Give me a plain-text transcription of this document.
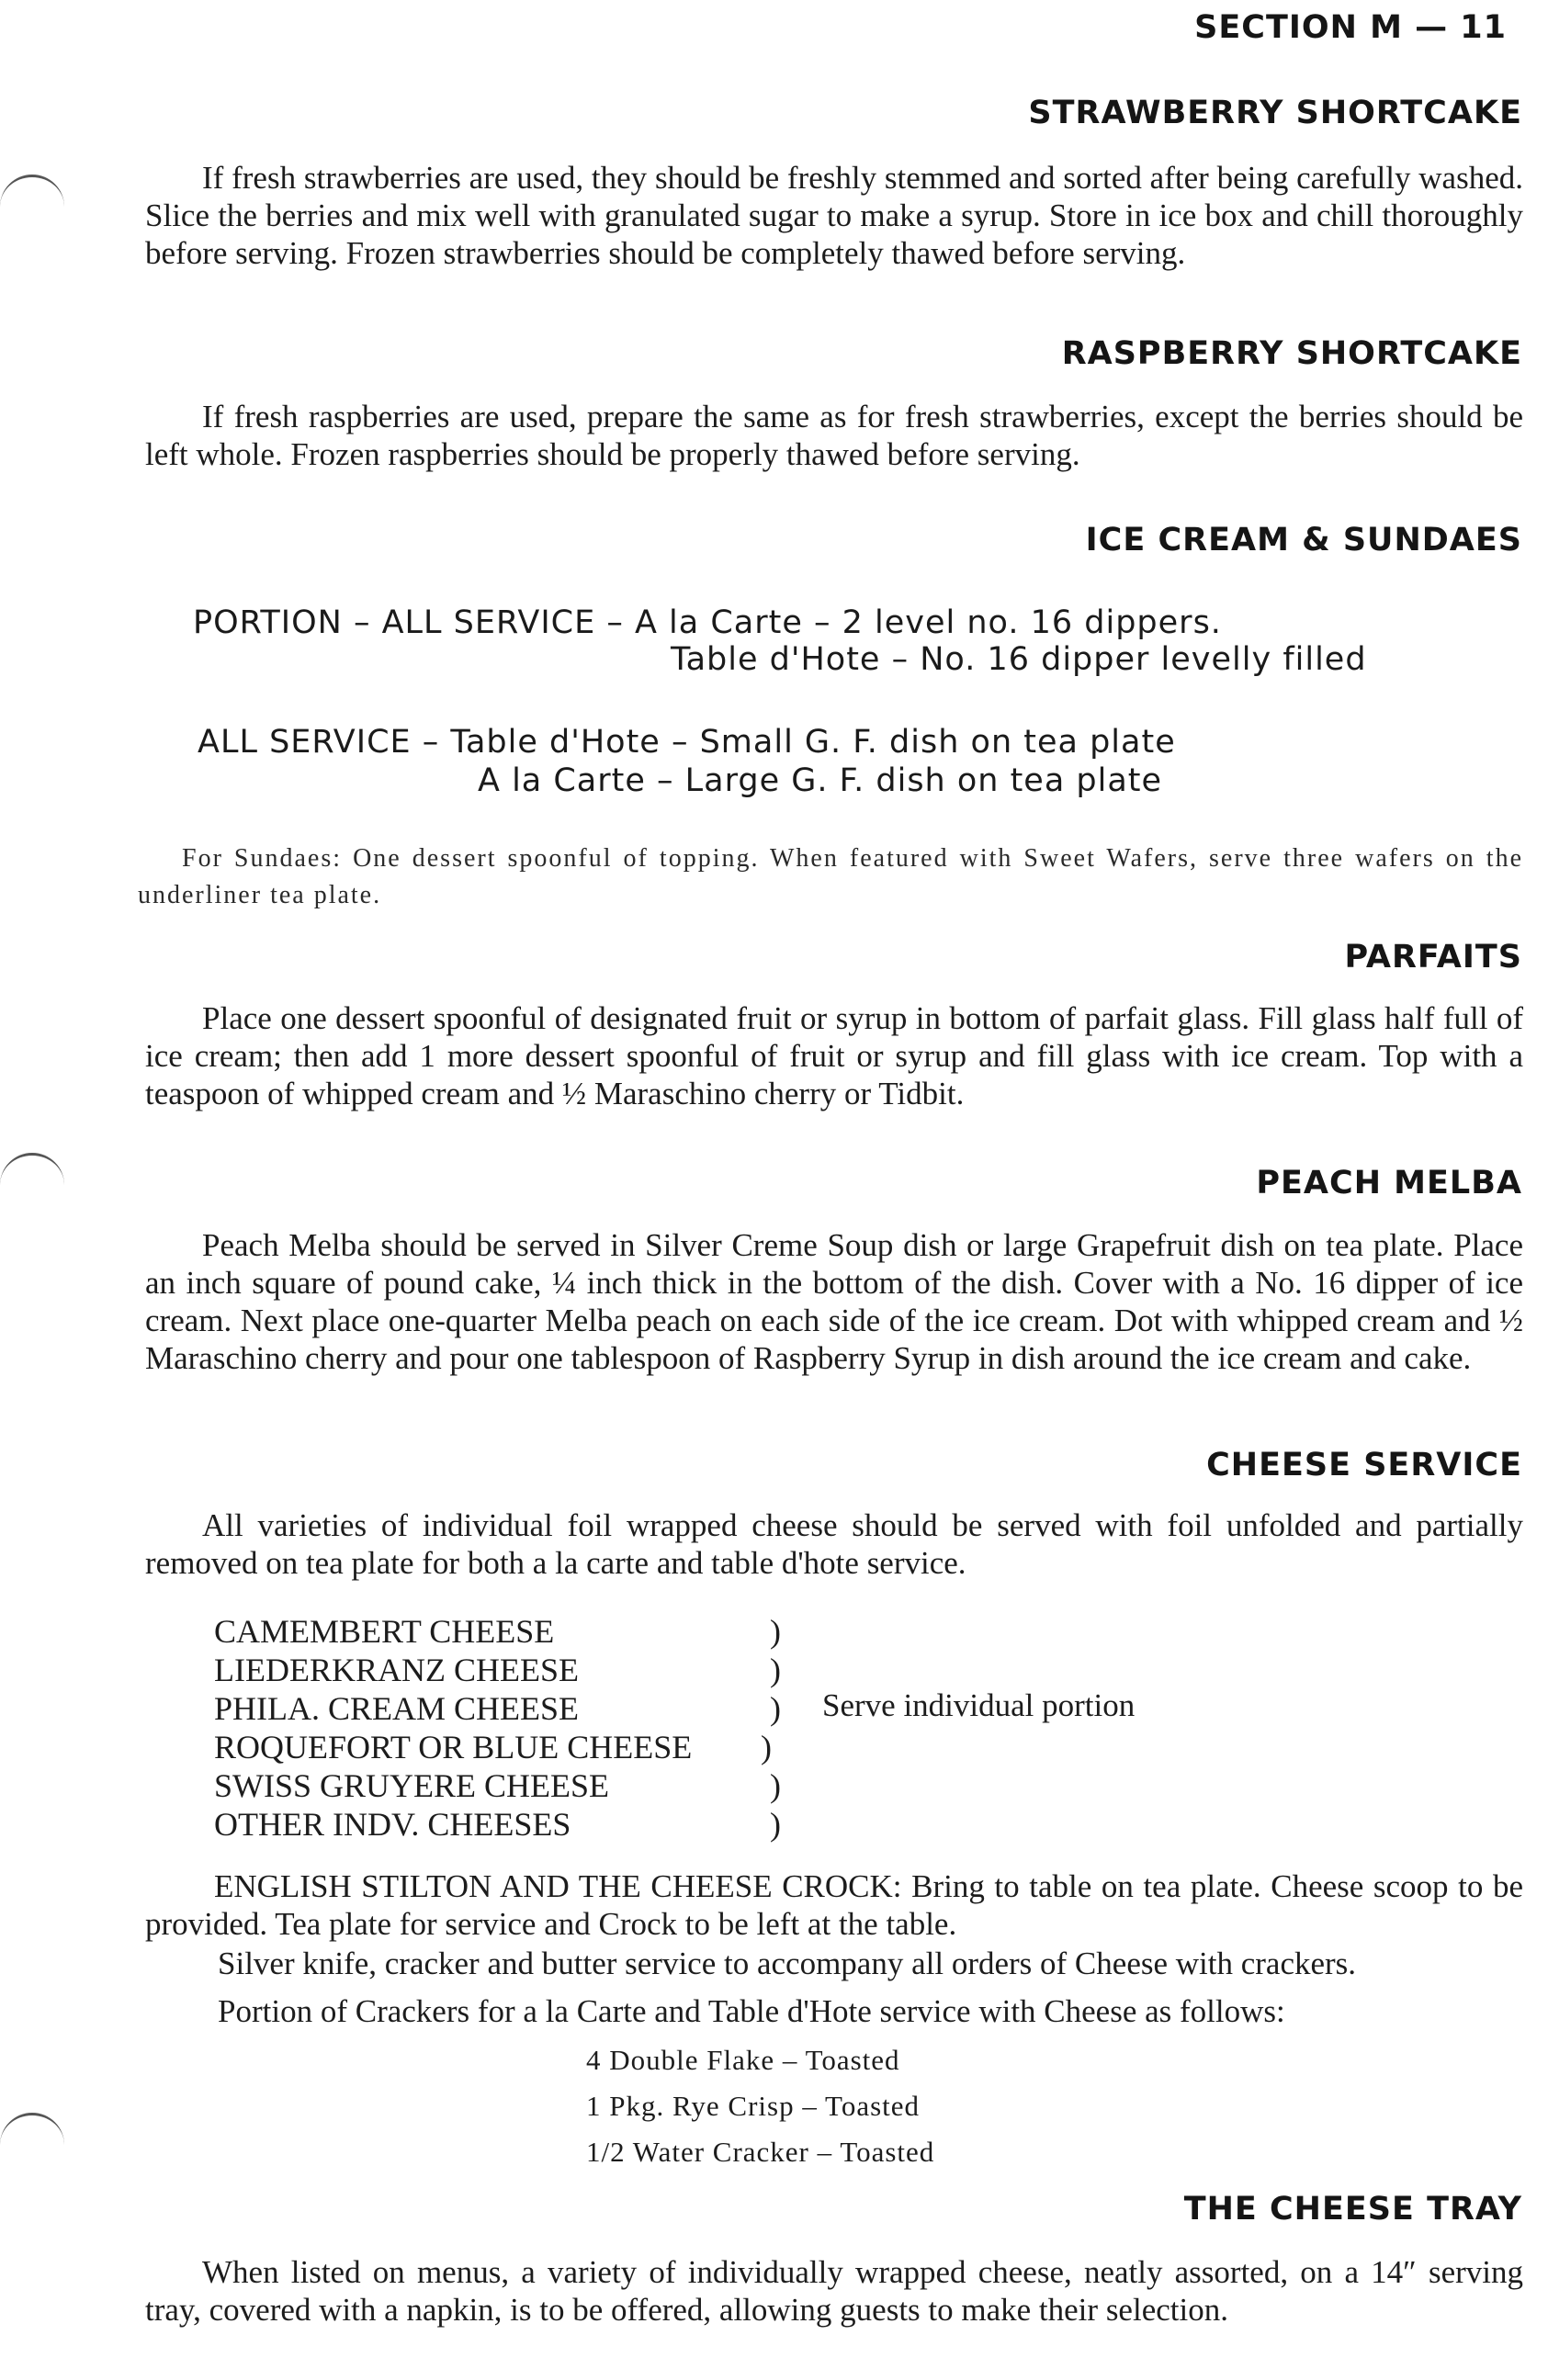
SECTION M — 11
STRAWBERRY SHORTCAKE

If fresh strawberries are used, they should be freshly stemmed and sorted after being carefully washed. Slice the berries and mix well with granulated sugar to make a syrup. Store in ice box and chill thoroughly before serving. Frozen strawberries should be completely thawed before serving.

RASPBERRY SHORTCAKE

If fresh raspberries are used, prepare the same as for fresh strawberries, except the berries should be left whole. Frozen raspberries should be properly thawed before serving.

ICE CREAM & SUNDAES
PORTION – ALL SERVICE – A la Carte – 2 level no. 16 dippers.
Table d'Hote – No. 16 dipper levelly filled
ALL SERVICE – Table d'Hote – Small G. F. dish on tea plate
A la Carte – Large G. F. dish on tea plate

For Sundaes: One dessert spoonful of topping. When featured with Sweet Wafers, serve three wafers on the underliner tea plate.

PARFAITS

Place one dessert spoonful of designated fruit or syrup in bottom of parfait glass. Fill glass half full of ice cream; then add 1 more dessert spoonful of fruit or syrup and fill glass with ice cream. Top with a teaspoon of whipped cream and ½ Maraschino cherry or Tidbit.

PEACH MELBA

Peach Melba should be served in Silver Creme Soup dish or large Grapefruit dish on tea plate. Place an inch square of pound cake, ¼ inch thick in the bottom of the dish. Cover with a No. 16 dipper of ice cream. Next place one-quarter Melba peach on each side of the ice cream. Dot with whipped cream and ½ Maraschino cherry and pour one tablespoon of Raspberry Syrup in dish around the ice cream and cake.

CHEESE SERVICE

All varieties of individual foil wrapped cheese should be served with foil unfolded and partially removed on tea plate for both a la carte and table d'hote service.

CAMEMBERT CHEESE
LIEDERKRANZ CHEESE
PHILA. CREAM CHEESE
ROQUEFORT OR BLUE CHEESE
SWISS GRUYERE CHEESE
OTHER INDV. CHEESES
)
)
)
)
)
)
Serve individual portion

ENGLISH STILTON AND THE CHEESE CROCK: Bring to table on tea plate. Cheese scoop to be provided. Tea plate for service and Crock to be left at the table.

Silver knife, cracker and butter service to accompany all orders of Cheese with crackers.
Portion of Crackers for a la Carte and Table d'Hote service with Cheese as follows:
4 Double Flake – Toasted
1 Pkg. Rye Crisp – Toasted
1/2 Water Cracker – Toasted
THE CHEESE TRAY

When listed on menus, a variety of individually wrapped cheese, neatly assorted, on a 14″ serving tray, covered with a napkin, is to be offered, allowing guests to make their selection.
